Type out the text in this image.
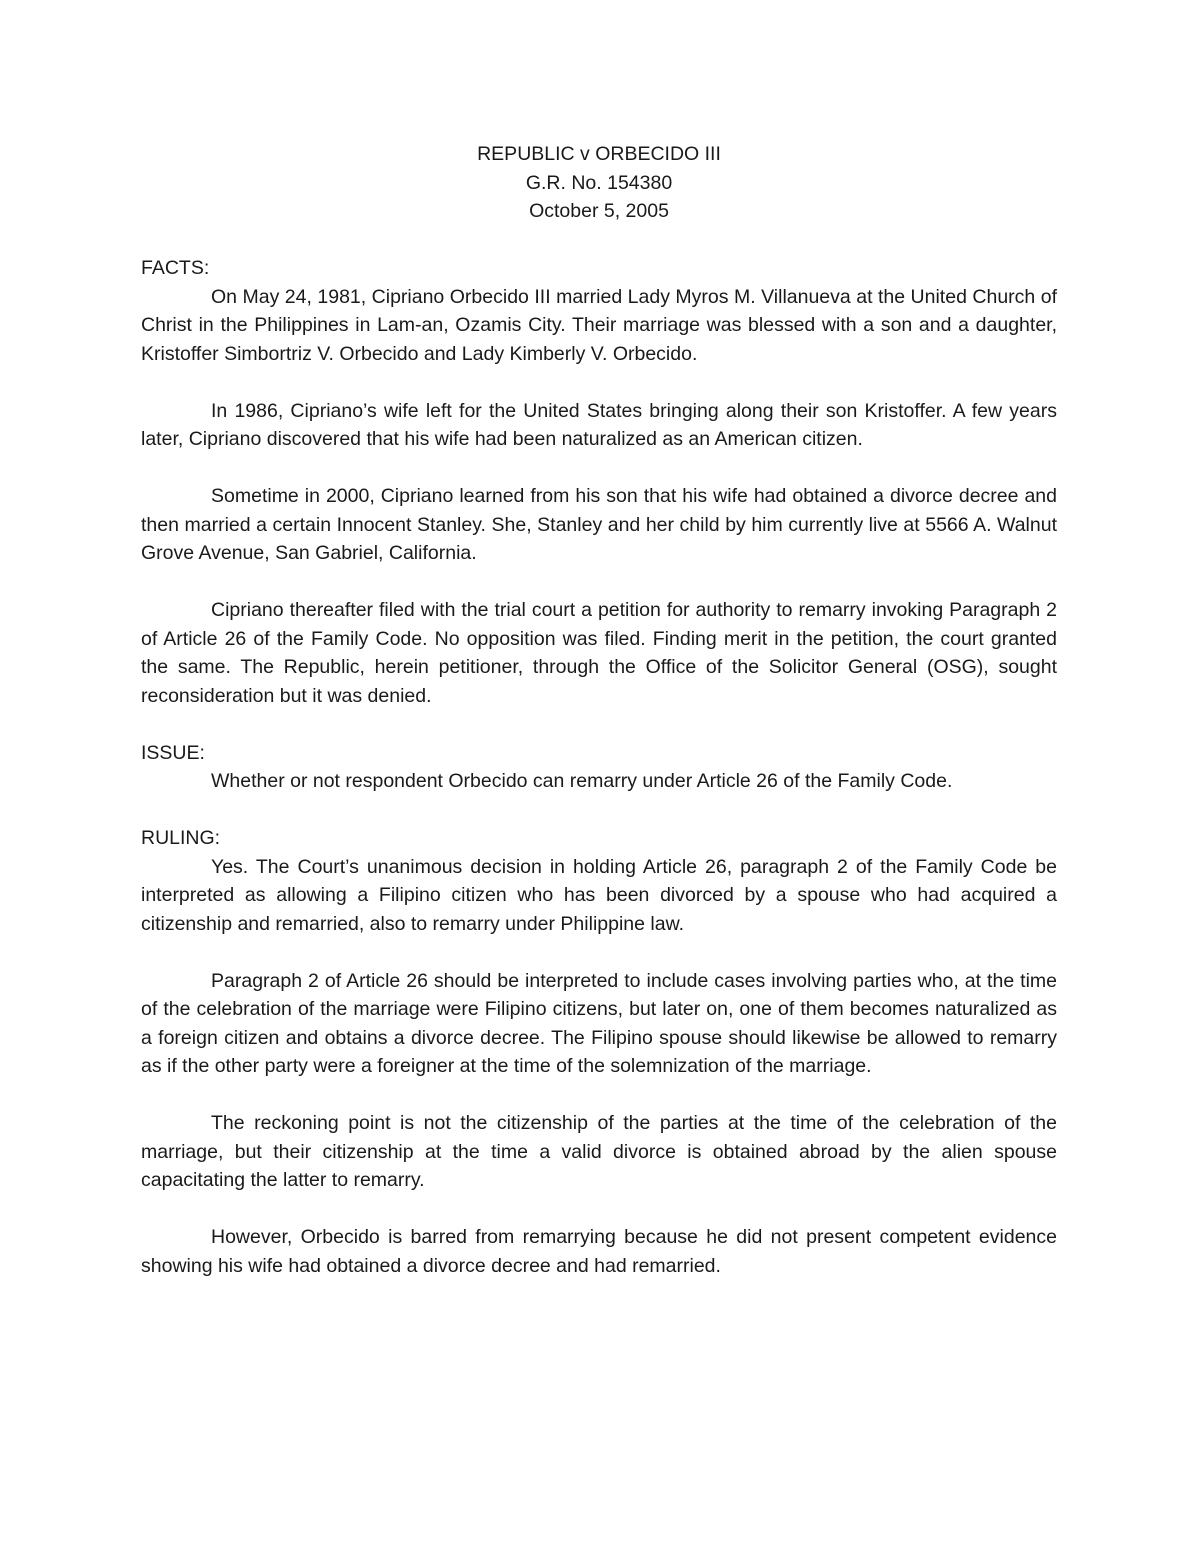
REPUBLIC v ORBECIDO III
G.R. No. 154380
October 5, 2005
FACTS:

On May 24, 1981, Cipriano Orbecido III married Lady Myros M. Villanueva at the United Church of Christ in the Philippines in Lam-an, Ozamis City. Their marriage was blessed with a son and a daughter, Kristoffer Simbortriz V. Orbecido and Lady Kimberly V. Orbecido.

In 1986, Cipriano’s wife left for the United States bringing along their son Kristoffer. A few years later, Cipriano discovered that his wife had been naturalized as an American citizen.

Sometime in 2000, Cipriano learned from his son that his wife had obtained a divorce decree and then married a certain Innocent Stanley. She, Stanley and her child by him currently live at 5566 A. Walnut Grove Avenue, San Gabriel, California.

Cipriano thereafter filed with the trial court a petition for authority to remarry invoking Paragraph 2 of Article 26 of the Family Code. No opposition was filed. Finding merit in the petition, the court granted the same. The Republic, herein petitioner, through the Office of the Solicitor General (OSG), sought reconsideration but it was denied.

ISSUE:

Whether or not respondent Orbecido can remarry under Article 26 of the Family Code.

RULING:

Yes. The Court’s unanimous decision in holding Article 26, paragraph 2 of the Family Code be interpreted as allowing a Filipino citizen who has been divorced by a spouse who had acquired a citizenship and remarried, also to remarry under Philippine law.

Paragraph 2 of Article 26 should be interpreted to include cases involving parties who, at the time of the celebration of the marriage were Filipino citizens, but later on, one of them becomes naturalized as a foreign citizen and obtains a divorce decree. The Filipino spouse should likewise be allowed to remarry as if the other party were a foreigner at the time of the solemnization of the marriage.

The reckoning point is not the citizenship of the parties at the time of the celebration of the marriage, but their citizenship at the time a valid divorce is obtained abroad by the alien spouse capacitating the latter to remarry.

However, Orbecido is barred from remarrying because he did not present competent evidence showing his wife had obtained a divorce decree and had remarried.
